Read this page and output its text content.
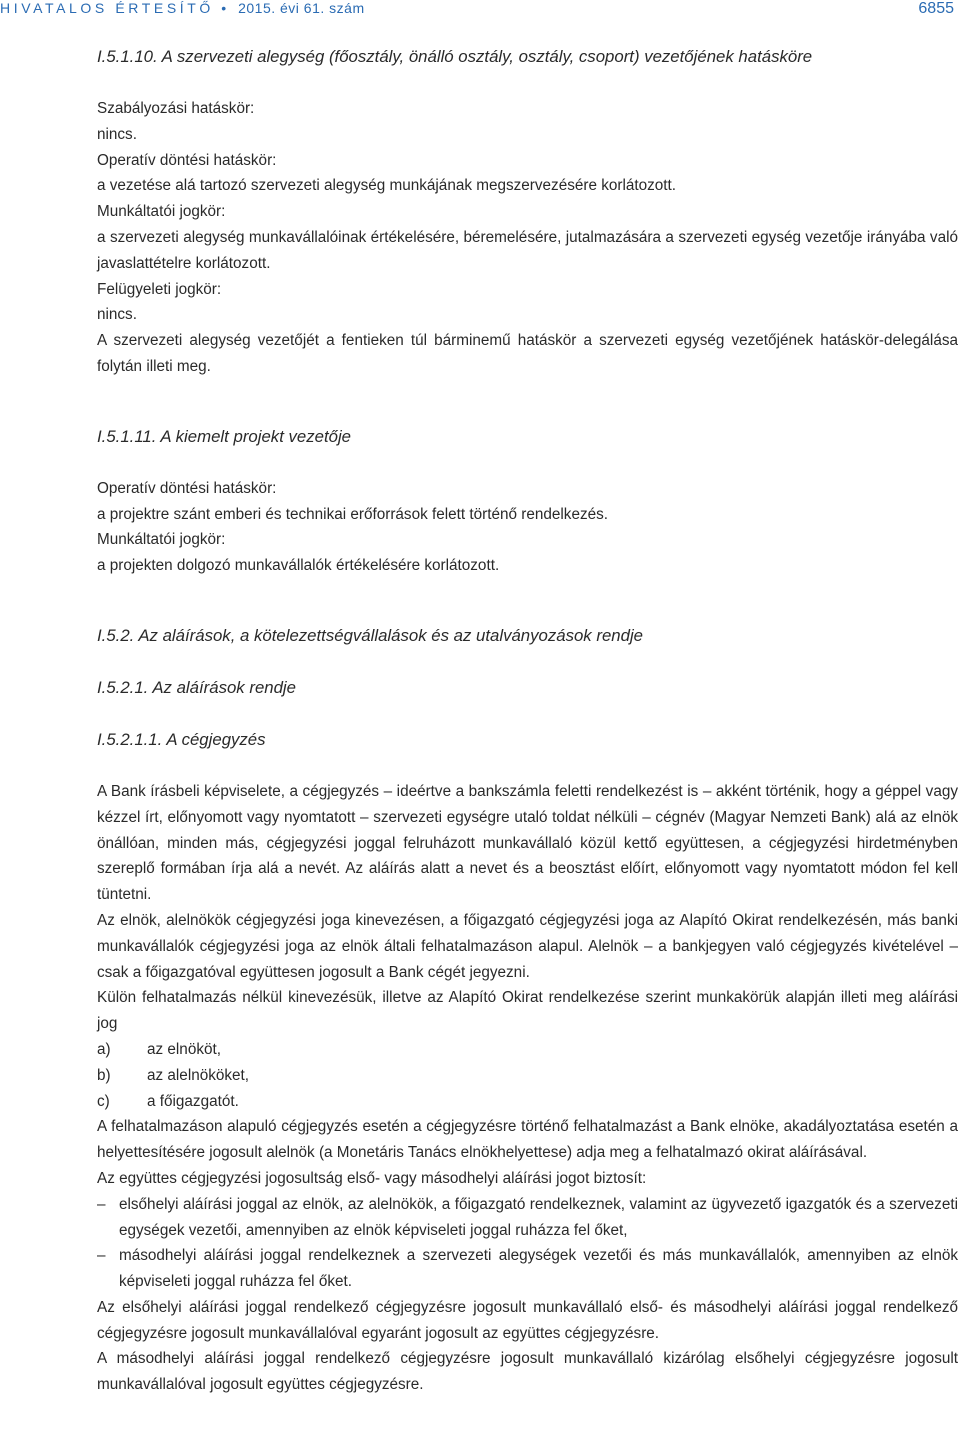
HIVATALOS ÉRTESÍTŐ • 2015. évi 61. szám	6855

I.5.1.10. A szervezeti alegység (főosztály, önálló osztály, osztály, csoport) vezetőjének hatásköre

Szabályozási hatáskör:

nincs.

Operatív döntési hatáskör:

a vezetése alá tartozó szervezeti alegység munkájának megszervezésére korlátozott.

Munkáltatói jogkör:

a szervezeti alegység munkavállalóinak értékelésére, béremelésére, jutalmazására a szervezeti egység vezetője irányába való javaslattételre korlátozott.

Felügyeleti jogkör:

nincs.

A szervezeti alegység vezetőjét a fentieken túl bárminemű hatáskör a szervezeti egység vezetőjének hatáskör-delegálása folytán illeti meg.

I.5.1.11. A kiemelt projekt vezetője

Operatív döntési hatáskör:

a projektre szánt emberi és technikai erőforrások felett történő rendelkezés.

Munkáltatói jogkör:

a projekten dolgozó munkavállalók értékelésére korlátozott.

I.5.2. Az aláírások, a kötelezettségvállalások és az utalványozások rendje

I.5.2.1. Az aláírások rendje

I.5.2.1.1. A cégjegyzés

A Bank írásbeli képviselete, a cégjegyzés – ideértve a bankszámla feletti rendelkezést is – akként történik, hogy a géppel vagy kézzel írt, előnyomott vagy nyomtatott – szervezeti egységre utaló toldat nélküli – cégnév (Magyar Nemzeti Bank) alá az elnök önállóan, minden más, cégjegyzési joggal felruházott munkavállaló közül kettő együttesen, a cégjegyzési hirdetményben szereplő formában írja alá a nevét. Az aláírás alatt a nevet és a beosztást előírt, előnyomott vagy nyomtatott módon fel kell tüntetni.

Az elnök, alelnökök cégjegyzési joga kinevezésen, a főigazgató cégjegyzési joga az Alapító Okirat rendelkezésén, más banki munkavállalók cégjegyzési joga az elnök általi felhatalmazáson alapul. Alelnök – a bankjegyen való cégjegyzés kivételével – csak a főigazgatóval együttesen jogosult a Bank cégét jegyezni.

Külön felhatalmazás nélkül kinevezésük, illetve az Alapító Okirat rendelkezése szerint munkakörük alapján illeti meg aláírási jog

a)	az elnököt,
b)	az alelnököket,
c)	a főigazgatót.

A felhatalmazáson alapuló cégjegyzés esetén a cégjegyzésre történő felhatalmazást a Bank elnöke, akadályoztatása esetén a helyettesítésére jogosult alelnök (a Monetáris Tanács elnökhelyettese) adja meg a felhatalmazó okirat aláírásával.

Az együttes cégjegyzési jogosultság első- vagy másodhelyi aláírási jogot biztosít:

– elsőhelyi aláírási joggal az elnök, az alelnökök, a főigazgató rendelkeznek, valamint az ügyvezető igazgatók és a szervezeti egységek vezetői, amennyiben az elnök képviseleti joggal ruházza fel őket,
– másodhelyi aláírási joggal rendelkeznek a szervezeti alegységek vezetői és más munkavállalók, amennyiben az elnök képviseleti joggal ruházza fel őket.

Az elsőhelyi aláírási joggal rendelkező cégjegyzésre jogosult munkavállaló első- és másodhelyi aláírási joggal rendelkező cégjegyzésre jogosult munkavállalóval egyaránt jogosult az együttes cégjegyzésre.

A másodhelyi aláírási joggal rendelkező cégjegyzésre jogosult munkavállaló kizárólag elsőhelyi cégjegyzésre jogosult munkavállalóval jogosult együttes cégjegyzésre.
